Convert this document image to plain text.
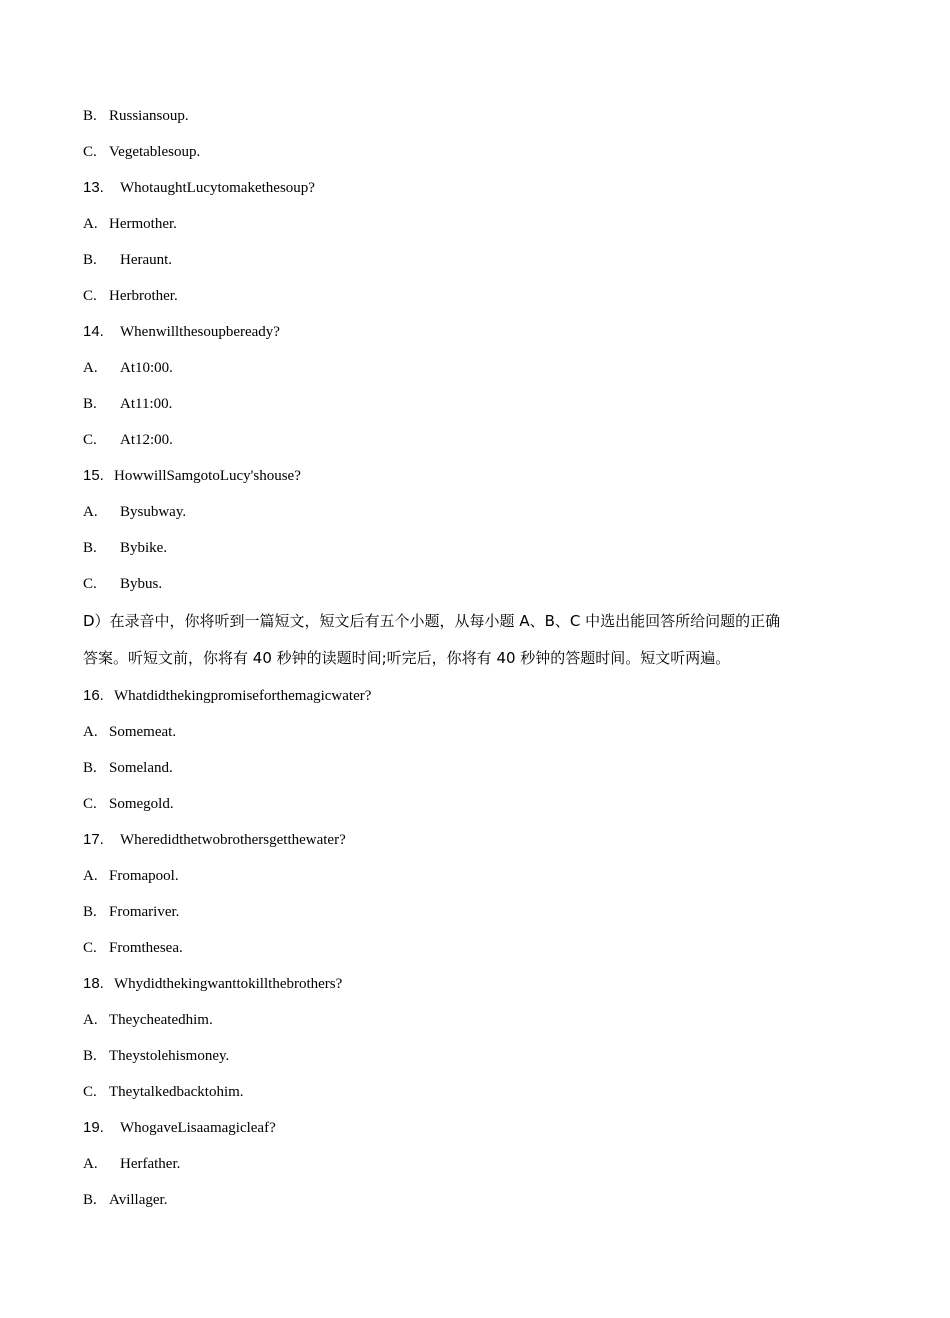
B. Russiansoup.
C. Vegetablesoup.
13. WhotaughtLucytomakethesoup?
A. Hermother.
B. Heraunt.
C. Herbrother.
14. Whenwillthesoupbeready?
A. At10:00.
B. At11:00.
C. At12:00.
15. HowwillSamgotoLucy'shouse?
A. Bysubway.
B. Bybike.
C. Bybus.
D）在录音中，你将听到一篇短文，短文后有五个小题，从每小题 A、B、C 中选出能回答所给问题的正确
答案。听短文前，你将有 40 秒钟的读题时间;听完后，你将有 40 秒钟的答题时间。短文听两遍。
16. Whatdidthekingpromiseforthemagicwater?
A. Somemeat.
B. Someland.
C. Somegold.
17. Wheredidthetwobrothersgetthewater?
A. Fromapool.
B. Fromariver.
C. Fromthesea.
18. Whydidthekingwanttokillthebrothers?
A. Theycheatedhim.
B. Theystolehismoney.
C. Theytalkedbacktohim.
19. WhogaveLisaamagicleaf?
A. Herfather.
B. Avillager.
